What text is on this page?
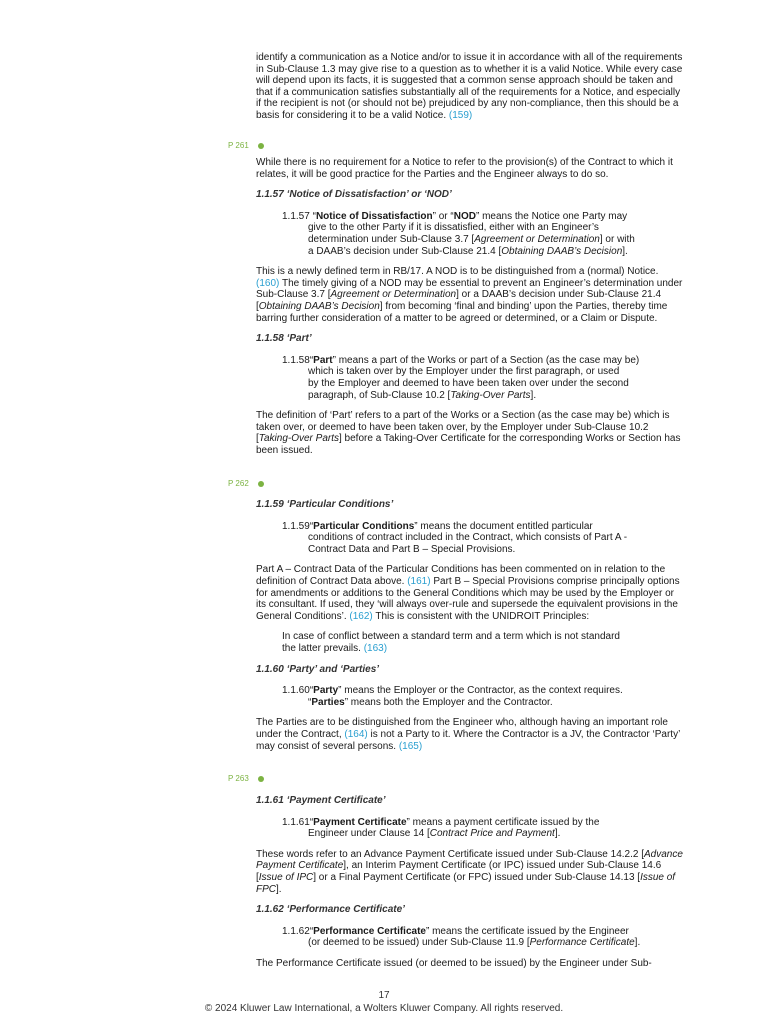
identify a communication as a Notice and/or to issue it in accordance with all of the requirements in Sub-Clause 1.3 may give rise to a question as to whether it is a valid Notice. While every case will depend upon its facts, it is suggested that a common sense approach should be taken and that if a communication satisfies substantially all of the requirements for a Notice, and especially if the recipient is not (or should not be) prejudiced by any non-compliance, then this should be a basis for considering it to be a valid Notice. (159)

P 261

While there is no requirement for a Notice to refer to the provision(s) of the Contract to which it relates, it will be good practice for the Parties and the Engineer always to do so.

1.1.57 ‘Notice of Dissatisfaction’ or ‘NOD’

1.1.57 “Notice of Dissatisfaction” or “NOD” means the Notice one Party may

give to the other Party if it is dissatisfied, either with an Engineer’s

determination under Sub-Clause 3.7 [Agreement or Determination] or with

a DAAB’s decision under Sub-Clause 21.4 [Obtaining DAAB’s Decision].

This is a newly defined term in RB/17. A NOD is to be distinguished from a (normal) Notice. (160) The timely giving of a NOD may be essential to prevent an Engineer’s determination under Sub-Clause 3.7 [Agreement or Determination] or a DAAB’s decision under Sub-Clause 21.4 [Obtaining DAAB’s Decision] from becoming ‘final and binding’ upon the Parties, thereby time barring further consideration of a matter to be agreed or determined, or a Claim or Dispute.

1.1.58 ‘Part’

1.1.58“Part” means a part of the Works or part of a Section (as the case may be)

which is taken over by the Employer under the first paragraph, or used

by the Employer and deemed to have been taken over under the second

paragraph, of Sub-Clause 10.2 [Taking-Over Parts].

The definition of ‘Part’ refers to a part of the Works or a Section (as the case may be) which is taken over, or deemed to have been taken over, by the Employer under Sub-Clause 10.2 [Taking-Over Parts] before a Taking-Over Certificate for the corresponding Works or Section has been issued.

P 262

1.1.59 ‘Particular Conditions’

1.1.59“Particular Conditions” means the document entitled particular

conditions of contract included in the Contract, which consists of Part A -

Contract Data and Part B – Special Provisions.

Part A – Contract Data of the Particular Conditions has been commented on in relation to the definition of Contract Data above. (161) Part B – Special Provisions comprise principally options for amendments or additions to the General Conditions which may be used by the Employer or its consultant. If used, they ‘will always over-rule and supersede the equivalent provisions in the General Conditions’. (162) This is consistent with the UNIDROIT Principles:

In case of conflict between a standard term and a term which is not standard

the latter prevails. (163)

1.1.60 ‘Party’ and ‘Parties’

1.1.60“Party” means the Employer or the Contractor, as the context requires.

“Parties” means both the Employer and the Contractor.

The Parties are to be distinguished from the Engineer who, although having an important role under the Contract, (164) is not a Party to it. Where the Contractor is a JV, the Contractor ‘Party’ may consist of several persons. (165)

P 263

1.1.61 ‘Payment Certificate’

1.1.61“Payment Certificate” means a payment certificate issued by the

Engineer under Clause 14 [Contract Price and Payment].

These words refer to an Advance Payment Certificate issued under Sub-Clause 14.2.2 [Advance Payment Certificate], an Interim Payment Certificate (or IPC) issued under Sub-Clause 14.6 [Issue of IPC] or a Final Payment Certificate (or FPC) issued under Sub-Clause 14.13 [Issue of FPC].

1.1.62 ‘Performance Certificate’

1.1.62“Performance Certificate” means the certificate issued by the Engineer

(or deemed to be issued) under Sub-Clause 11.9 [Performance Certificate].

The Performance Certificate issued (or deemed to be issued) by the Engineer under Sub-

17
© 2024 Kluwer Law International, a Wolters Kluwer Company. All rights reserved.
